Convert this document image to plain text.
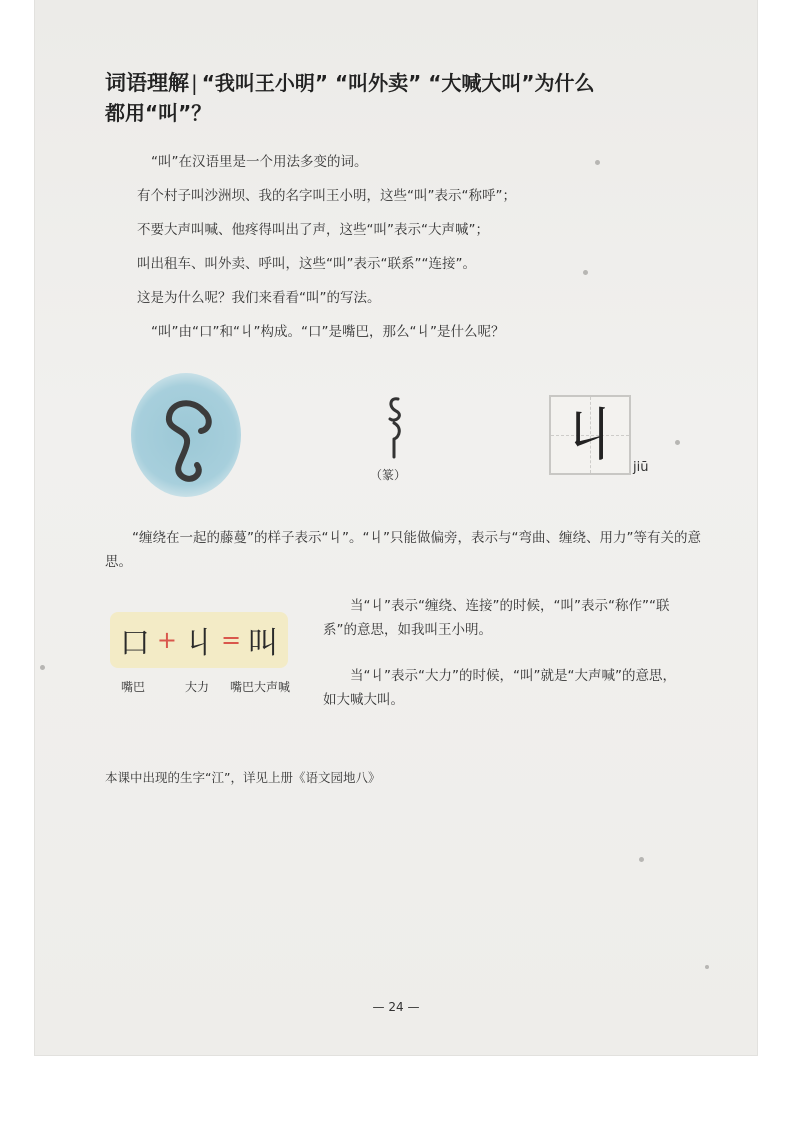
词语理解 | “我叫王小明” “叫外卖” “大喊大叫”为什么
都用“叫”？
“叫”在汉语里是一个用法多变的词。
有个村子叫沙洲坝、我的名字叫王小明，这些“叫”表示“称呼”；
不要大声叫喊、他疼得叫出了声，这些“叫”表示“大声喊”；
叫出租车、叫外卖、呼叫，这些“叫”表示“联系”“连接”。
这是为什么呢？我们来看看“叫”的写法。
“叫”由“口”和“丩”构成。“口”是嘴巴，那么“丩”是什么呢？
（篆）
丩	jiū
“缠绕在一起的藤蔓”的样子表示“丩”。“丩”只能做偏旁，表示与“弯曲、缠绕、用力”等有关的意思。
口 + 丩 = 叫
嘴巴	大力 嘴巴大声喊
当“丩”表示“缠绕、连接”的时候，“叫”表示“称作”“联系”的意思，如我叫王小明。
当“丩”表示“大力”的时候，“叫”就是“大声喊”的意思，如大喊大叫。
本课中出现的生字“江”，详见上册《语文园地八》
— 24 —
